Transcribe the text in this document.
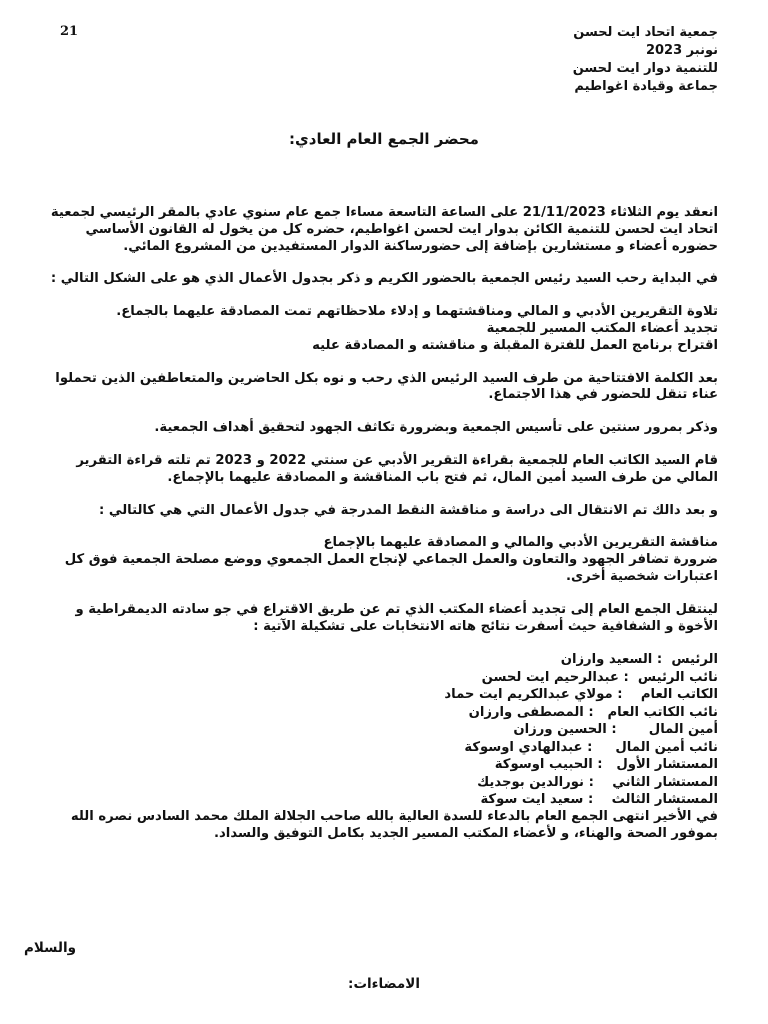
21	جمعية اتحاد ايت لحسن
نونبر 2023
للتنمية دوار ايت لحسن
جماعة وقيادة اغواطيم
محضر الجمع العام العادي:

انعقد يوم الثلاثاء 21/11/2023 على الساعة التاسعة مساءا جمع عام سنوي عادي بالمقر الرئيسي لجمعية اتحاد ايت لحسن للتنمية الكائن بدوار ايت لحسن اغواطيم، حضره كل من يخول له القانون الأساسي حضوره أعضاء و مستشارين بإضافة إلى حضورساكنة الدوار المستفيدين من المشروع المائي.

في البداية رحب السيد رئيس الجمعية بالحضور الكريم و ذكر بجدول الأعمال الذي هو على الشكل التالي :

• تلاوة التقريرين الأدبي و المالي ومناقشتهما و إدلاء ملاحظاتهم تمت المصادقة عليهما بالجماع.
• تجديد أعضاء المكتب المسير للجمعية
• اقتراح برنامج العمل للفترة المقبلة و مناقشته و المصادقة عليه

بعد الكلمة الافتتاحية من طرف السيد الرئيس الذي رحب و نوه بكل الحاضرين والمتعاطفين الذين تحملوا عناء تنقل للحضور في هذا الاجتماع.

وذكر بمرور سنتين على تأسيس الجمعية وبضرورة تكاثف الجهود لتحقيق أهداف الجمعية.

قام السيد الكاتب العام للجمعية بقراءة التقرير الأدبي عن سنتي 2022 و 2023 تم تلته قراءة التقرير المالي من طرف السيد أمين المال، ثم فتح باب المناقشة و المصادقة عليهما بالإجماع.

و بعد دالك تم الانتقال الى دراسة و مناقشة النقط المدرجة في جدول الأعمال التي هي كالتالي :

• مناقشة التقريرين الأدبي والمالي و المصادقة عليهما بالإجماع
• ضرورة تضافر الجهود والتعاون والعمل الجماعي لإنجاح العمل الجمعوي ووضع مصلحة الجمعية فوق كل اعتبارات شخصية أخرى.

لينتقل الجمع العام إلى تجديد أعضاء المكتب الذي تم عن طريق الاقتراع في جو سادته الديمقراطية و الأخوة و الشفافية حيث أسفرت نتائج هاته الانتخابات على تشكيلة الآتية :

الرئيس  : السعيد وارزان
نائب الرئيس  : عبدالرحيم ايت لحسن
الكاتب العام    : مولاي عبدالكريم ايت حماد
نائب الكاتب العام   : المصطفى وارزان
أمين المال       : الحسين ورزان
نائب أمين المال     : عبدالهادي اوسوكة
المستشار الأول   : الحبيب اوسوكة
المستشار الثاني    : نورالدين بوجديك
المستشار الثالث    : سعيد ايت سوكة

في الأخير انتهى الجمع العام بالدعاء للسدة العالية بالله صاحب الجلالة الملك محمد السادس نصره الله بموفور الصحة والهناء، و لأعضاء المكتب المسير الجديد بكامل التوفيق والسداد.

والسلام
الامضاءات:
